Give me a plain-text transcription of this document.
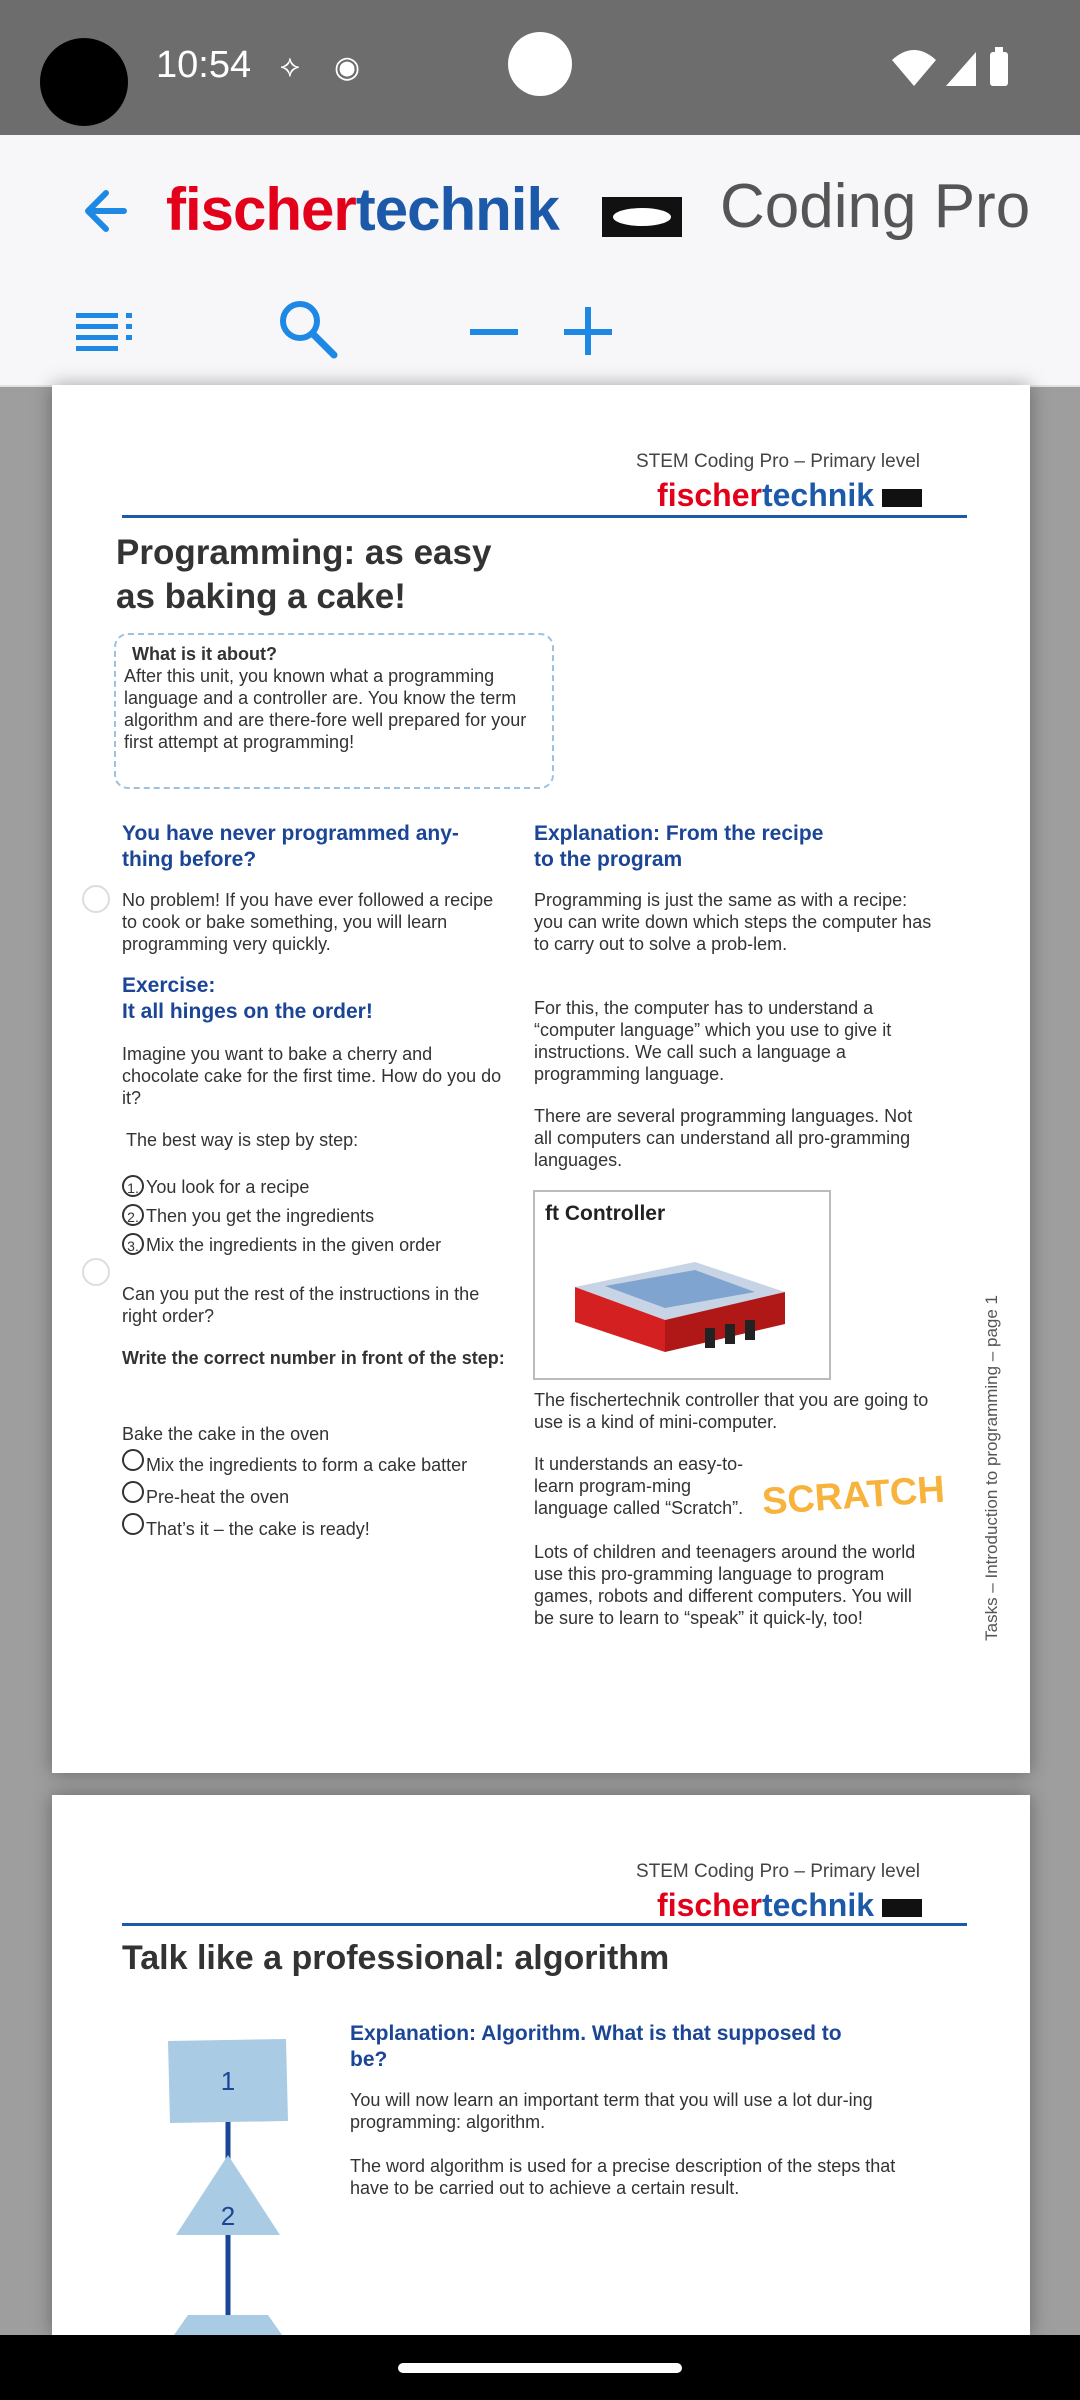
10:54 ⟡ ◉
fischertechnik	Coding Pro
STEM Coding Pro – Primary level
fischertechnik
Programming: as easy
as baking a cake!
What is it about?
After this unit, you known what a programming language and a controller are. You know the term algorithm and are there-fore well prepared for your first attempt at programming!
You have never programmed any-
thing before?
No problem! If you have ever followed a recipe to cook or bake something, you will learn programming very quickly.
Exercise:
It all hinges on the order!
Imagine you want to bake a cherry and chocolate cake for the first time. How do you do it?
The best way is step by step:
1. You look for a recipe
2. Then you get the ingredients
3. Mix the ingredients in the given order
Can you put the rest of the instructions in the right order?
Write the correct number in front of the step:
Bake the cake in the oven
Mix the ingredients to form a cake batter
Pre-heat the oven
That’s it – the cake is ready!
Explanation: From the recipe
to the program
Programming is just the same as with a recipe: you can write down which steps the computer has to carry out to solve a prob-lem.
For this, the computer has to understand a “computer language” which you use to give it instructions. We call such a language a programming language.
There are several programming languages. Not all computers can understand all pro-gramming languages.
ft Controller
The fischertechnik controller that you are going to use is a kind of mini-computer.
It understands an easy-to-learn program-ming language called “Scratch”. SCRATCH
Lots of children and teenagers around the world use this pro-gramming language to program games, robots and different computers. You will be sure to learn to “speak” it quick-ly, too!	Tasks – Introduction to programming – page 1
STEM Coding Pro – Primary level
fischertechnik
Talk like a professional: algorithm
1
2
Explanation: Algorithm. What is that supposed to
be?
You will now learn an important term that you will use a lot dur-ing programming: algorithm.
The word algorithm is used for a precise description of the steps that have to be carried out to achieve a certain result.
